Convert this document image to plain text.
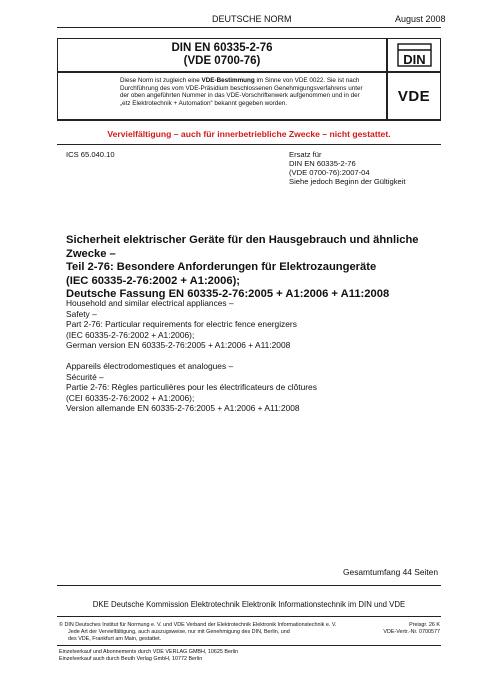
DEUTSCHE NORM	August 2008
DIN EN 60335-2-76
(VDE 0700-76)	DIN
Diese Norm ist zugleich eine VDE-Bestimmung im Sinne von VDE 0022. Sie ist nach
Durchführung des vom VDE-Präsidium beschlossenen Genehmigungsverfahrens unter
der oben angeführten Nummer in das VDE-Vorschriftenwerk aufgenommen und in der
„etz Elektrotechnik + Automation“ bekannt gegeben worden.	VDE
Vervielfältigung – auch für innerbetriebliche Zwecke – nicht gestattet.
ICS 65.040.10	Ersatz für
DIN EN 60335-2-76
(VDE 0700-76):2007-04
Siehe jedoch Beginn der Gültigkeit
Sicherheit elektrischer Geräte für den Hausgebrauch und ähnliche Zwecke –
Teil 2-76: Besondere Anforderungen für Elektrozaungeräte
(IEC 60335-2-76:2002 + A1:2006);
Deutsche Fassung EN 60335-2-76:2005 + A1:2006 + A11:2008
Household and similar electrical appliances –
Safety –
Part 2-76: Particular requirements for electric fence energizers
(IEC 60335-2-76:2002 + A1:2006);
German version EN 60335-2-76:2005 + A1:2006 + A11:2008
Appareils électrodomestiques et analogues –
Sécurité –
Partie 2-76: Règles particulières pour les électrificateurs de clôtures
(CEI 60335-2-76:2002 + A1:2006);
Version allemande EN 60335-2-76:2005 + A1:2006 + A11:2008
Gesamtumfang 44 Seiten
DKE Deutsche Kommission Elektrotechnik Elektronik Informationstechnik im DIN und VDE
© DIN Deutsches Institut für Normung e. V. und VDE Verband der Elektrotechnik Elektronik Informationstechnik e. V.
Jede Art der Vervielfältigung, auch auszugsweise, nur mit Genehmigung des DIN, Berlin, und
des VDE, Frankfurt am Main, gestattet.
Preisgr. 26 K
VDE-Vertr.-Nr. 0700577
Einzelverkauf und Abonnements durch VDE VERLAG GMBH, 10625 Berlin
Einzelverkauf auch durch Beuth Verlag GmbH, 10772 Berlin
